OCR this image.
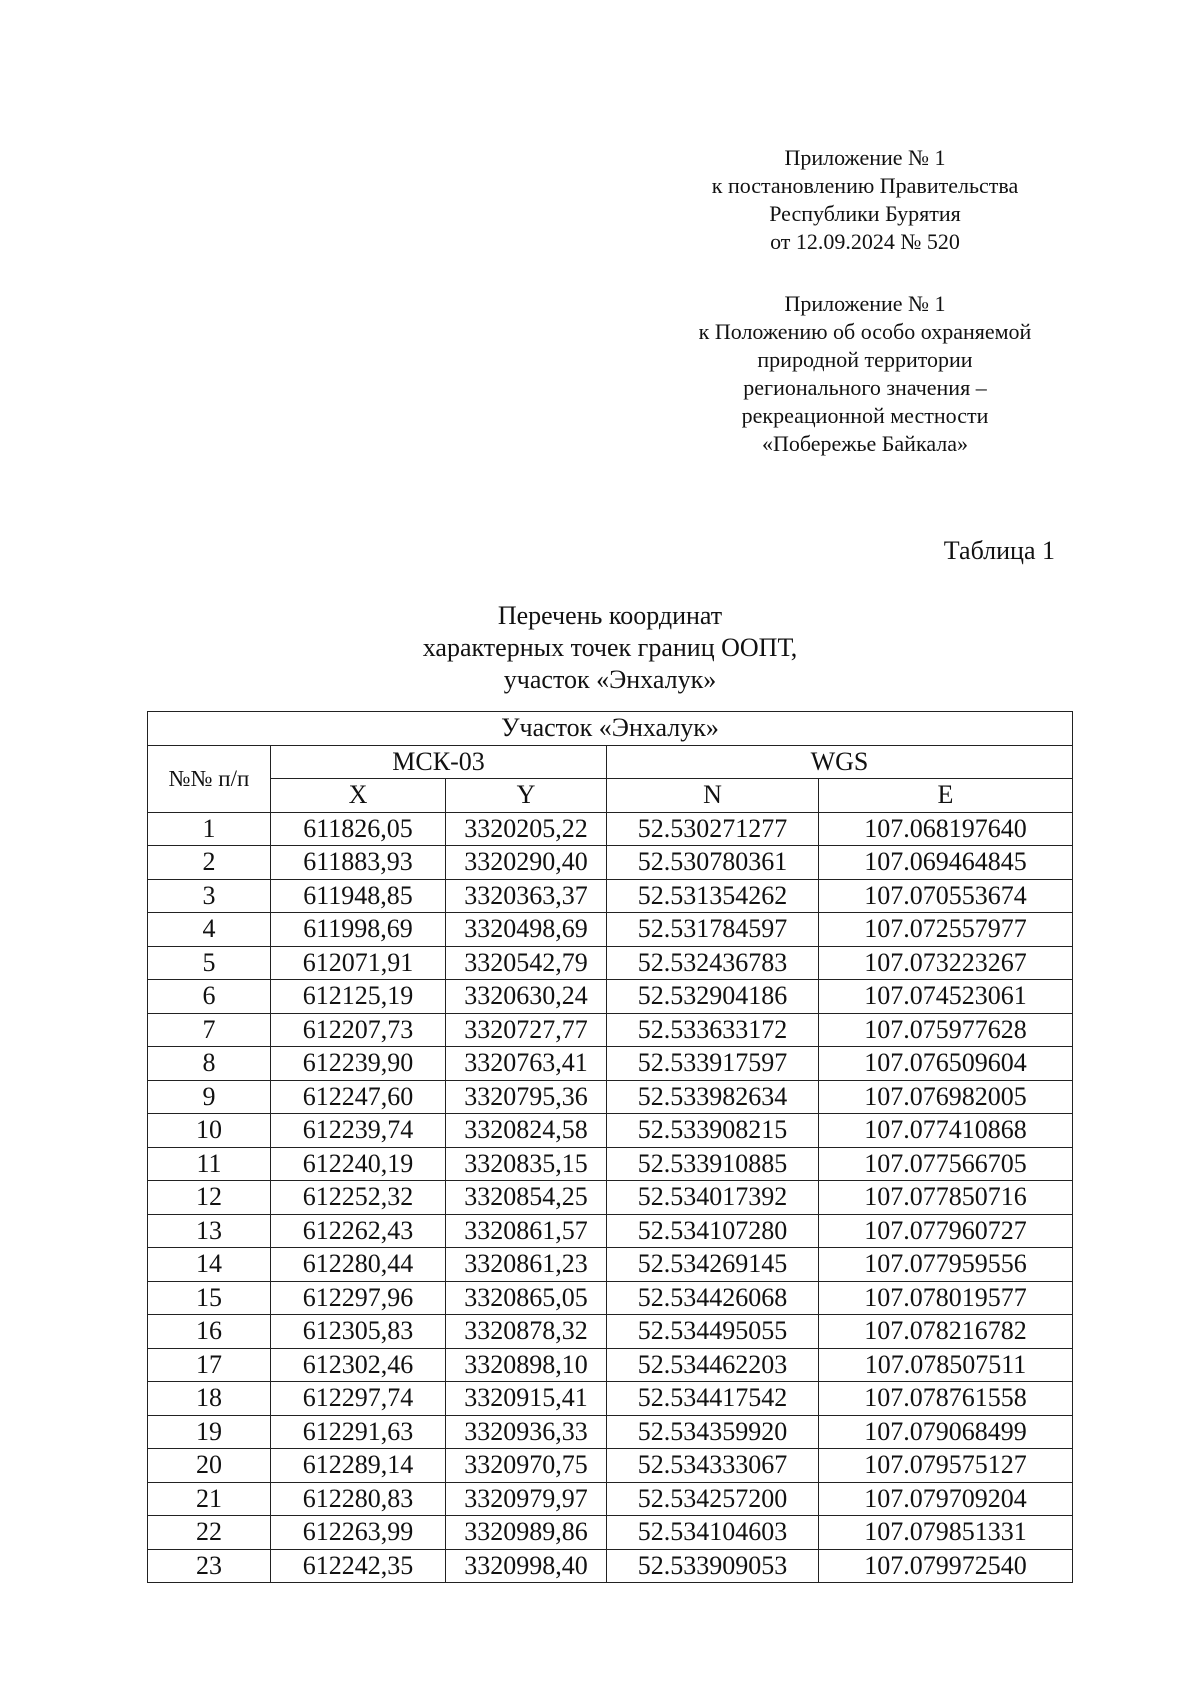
Приложение № 1
к постановлению Правительства
Республики Бурятия
от 12.09.2024 № 520
Приложение № 1
к Положению об особо охраняемой
природной территории
регионального значения –
рекреационной местности
«Побережье Байкала»
Таблица 1
Перечень координат
характерных точек границ ООПТ,
участок «Энхалук»
Участок «Энхалук»				
№№ п/п	МСК-03		WGS	
	X	Y	N	E
1	611826,05	3320205,22	52.530271277	107.068197640
2	611883,93	3320290,40	52.530780361	107.069464845
3	611948,85	3320363,37	52.531354262	107.070553674
4	611998,69	3320498,69	52.531784597	107.072557977
5	612071,91	3320542,79	52.532436783	107.073223267
6	612125,19	3320630,24	52.532904186	107.074523061
7	612207,73	3320727,77	52.533633172	107.075977628
8	612239,90	3320763,41	52.533917597	107.076509604
9	612247,60	3320795,36	52.533982634	107.076982005
10	612239,74	3320824,58	52.533908215	107.077410868
11	612240,19	3320835,15	52.533910885	107.077566705
12	612252,32	3320854,25	52.534017392	107.077850716
13	612262,43	3320861,57	52.534107280	107.077960727
14	612280,44	3320861,23	52.534269145	107.077959556
15	612297,96	3320865,05	52.534426068	107.078019577
16	612305,83	3320878,32	52.534495055	107.078216782
17	612302,46	3320898,10	52.534462203	107.078507511
18	612297,74	3320915,41	52.534417542	107.078761558
19	612291,63	3320936,33	52.534359920	107.079068499
20	612289,14	3320970,75	52.534333067	107.079575127
21	612280,83	3320979,97	52.534257200	107.079709204
22	612263,99	3320989,86	52.534104603	107.079851331
23	612242,35	3320998,40	52.533909053	107.079972540
